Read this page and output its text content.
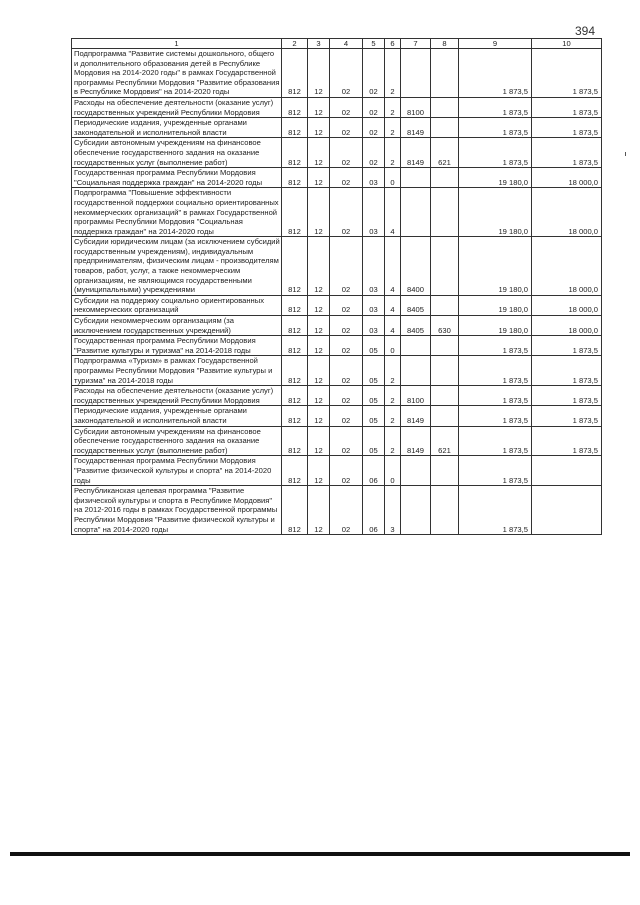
394
1	2	3	4	5	6	7	8	9	10
Подпрограмма "Развитие системы дошкольного, общего и дополнительного образования детей в Республике Мордовия на 2014-2020 годы" в рамках Государственной программы Республики Мордовия "Развитие образования в Республике Мордовия" на 2014-2020 годы	812	12	02	02	2			1 873,5	1 873,5
Расходы на обеспечение деятельности (оказание услуг) государственных учреждений Республики Мордовия	812	12	02	02	2	8100		1 873,5	1 873,5
Периодические издания, учрежденные органами законодательной и исполнительной власти	812	12	02	02	2	8149		1 873,5	1 873,5
Субсидии автономным учреждениям на финансовое обеспечение государственного задания на оказание государственных услуг (выполнение работ)	812	12	02	02	2	8149	621	1 873,5	1 873,5
Государственная программа Республики Мордовия "Социальная поддержка граждан" на 2014-2020 годы	812	12	02	03	0			19 180,0	18 000,0
Подпрограмма "Повышение эффективности государственной поддержки социально ориентированных некоммерческих организаций" в рамках Государственной программы Республики Мордовия "Социальная поддержка граждан" на 2014-2020 годы	812	12	02	03	4			19 180,0	18 000,0
Субсидии юридическим лицам (за исключением субсидий государственным учреждениям), индивидуальным предпринимателям, физическим лицам - производителям товаров, работ, услуг, а также некоммерческим организациям, не являющимся государственными (муниципальными) учреждениями	812	12	02	03	4	8400		19 180,0	18 000,0
Субсидии на поддержку социально ориентированных некоммерческих организаций	812	12	02	03	4	8405		19 180,0	18 000,0
Субсидии некоммерческим организациям (за исключением государственных учреждений)	812	12	02	03	4	8405	630	19 180,0	18 000,0
Государственная программа Республики Мордовия "Развитие культуры и туризма" на 2014-2018 годы	812	12	02	05	0			1 873,5	1 873,5
Подпрограмма «Туризм» в рамках Государственной программы Республики Мордовия "Развитие культуры и туризма" на 2014-2018 годы	812	12	02	05	2			1 873,5	1 873,5
Расходы на обеспечение деятельности (оказание услуг) государственных учреждений Республики Мордовия	812	12	02	05	2	8100		1 873,5	1 873,5
Периодические издания, учрежденные органами законодательной и исполнительной власти	812	12	02	05	2	8149		1 873,5	1 873,5
Субсидии автономным учреждениям на финансовое обеспечение государственного задания на оказание государственных услуг (выполнение работ)	812	12	02	05	2	8149	621	1 873,5	1 873,5
Государственная программа Республики Мордовия "Развитие физической культуры и спорта" на 2014-2020 годы	812	12	02	06	0			1 873,5	
Республиканская целевая программа "Развитие физической культуры и спорта в Республике Мордовия" на 2012-2016 годы в рамках Государственной программы Республики Мордовия "Развитие физической культуры и спорта" на 2014-2020 годы	812	12	02	06	3			1 873,5	
